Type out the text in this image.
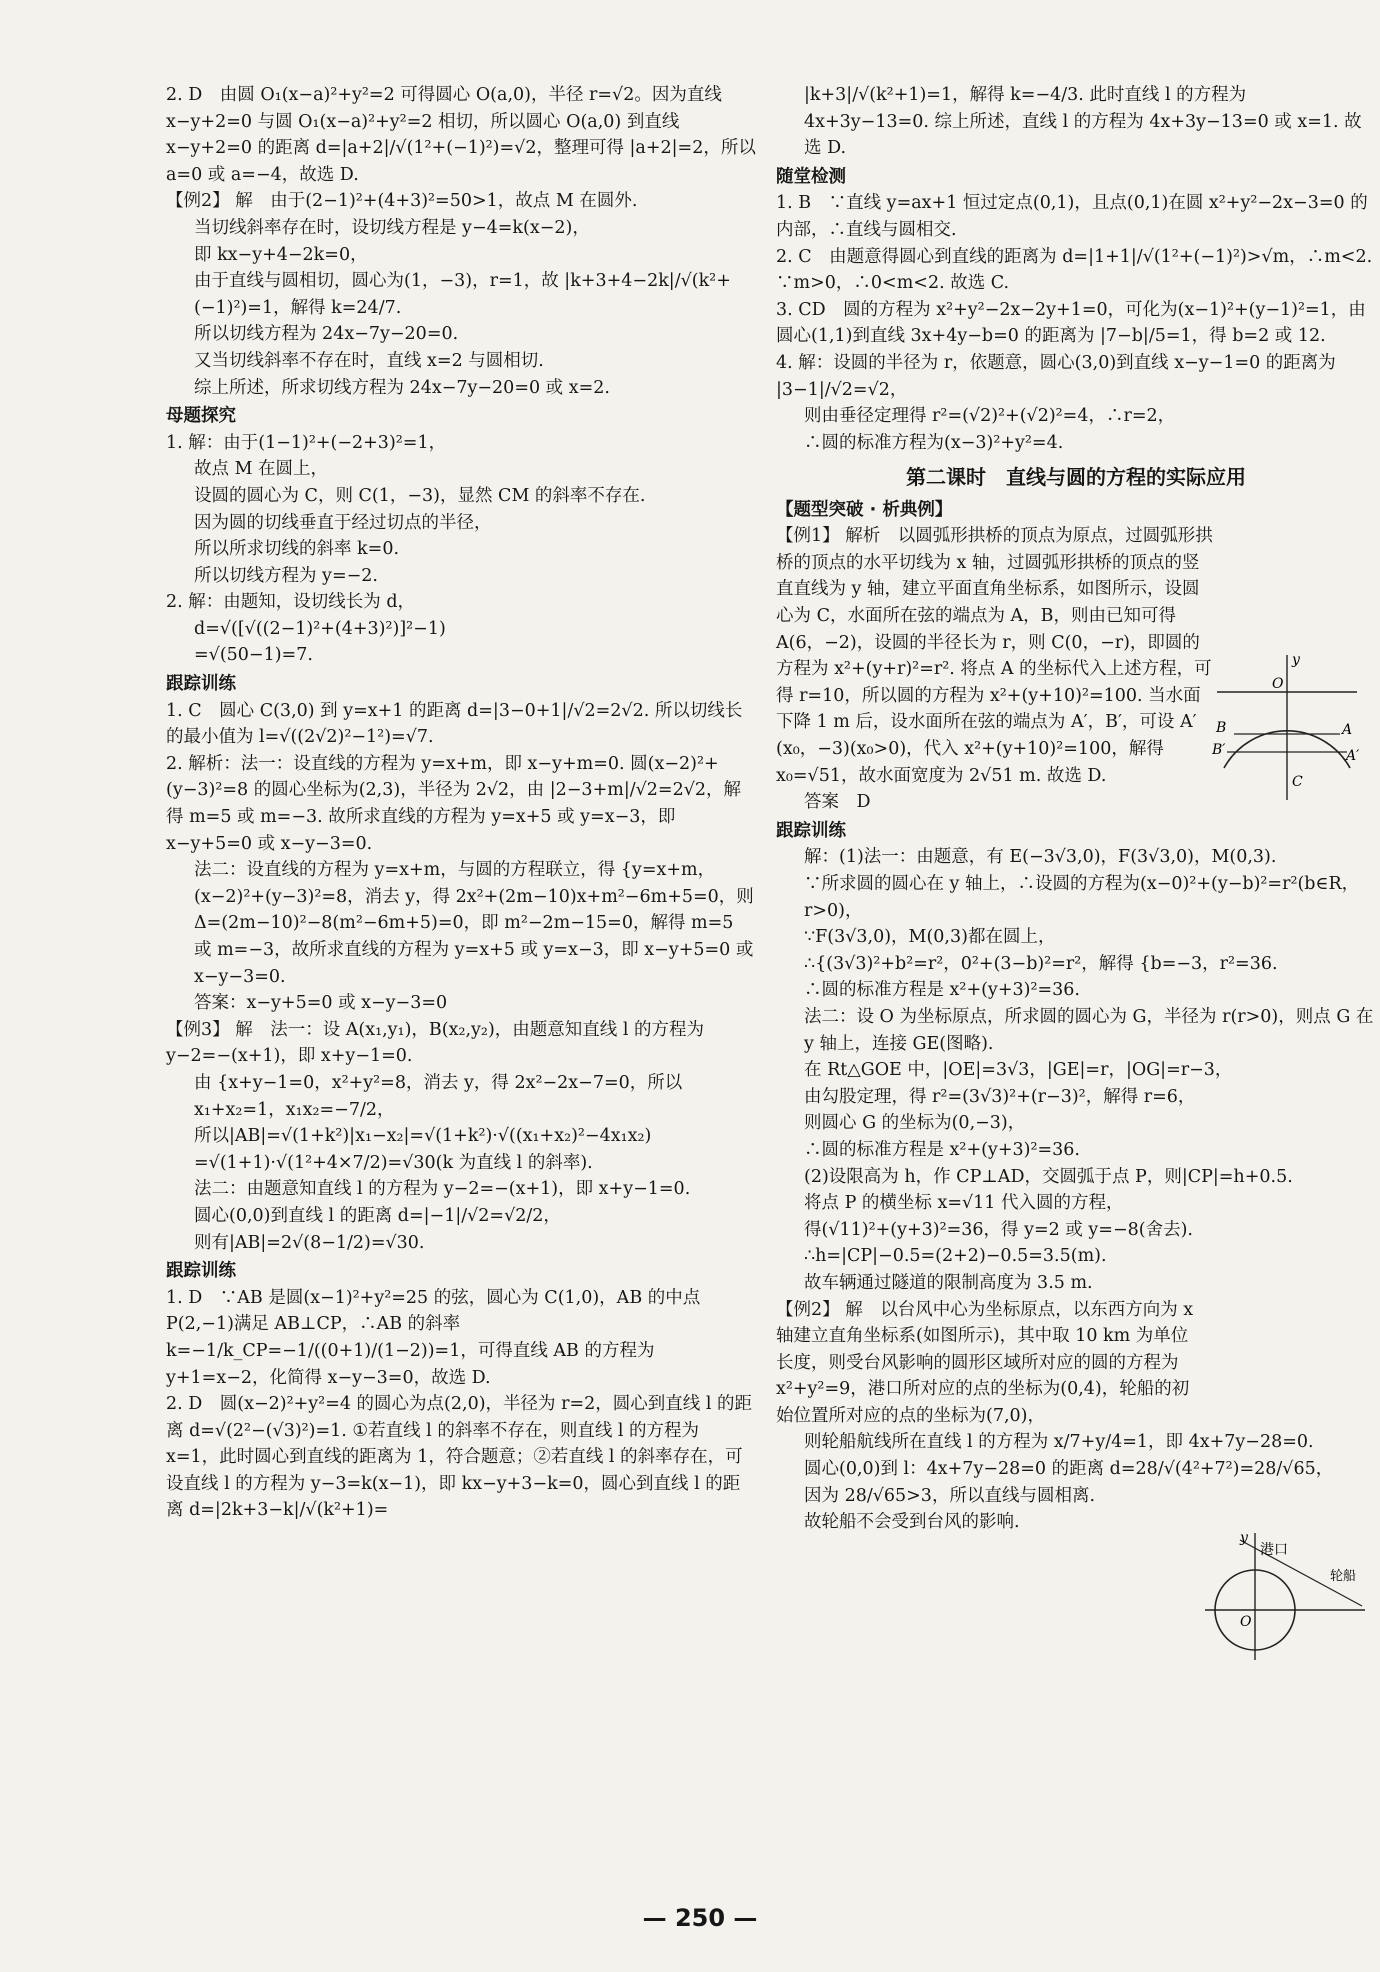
2. D　由圆 O₁(x−a)²+y²=2 可得圆心 O(a,0)，半径 r=√2。因为直线 x−y+2=0 与圆 O₁(x−a)²+y²=2 相切，所以圆心 O(a,0) 到直线 x−y+2=0 的距离 d=|a+2|/√(1²+(−1)²)=√2，整理可得 |a+2|=2，所以 a=0 或 a=−4，故选 D.

【例2】 解　由于(2−1)²+(4+3)²=50>1，故点 M 在圆外.

当切线斜率存在时，设切线方程是 y−4=k(x−2)，

即 kx−y+4−2k=0，

由于直线与圆相切，圆心为(1，−3)，r=1，故 |k+3+4−2k|/√(k²+(−1)²)=1，解得 k=24/7.

所以切线方程为 24x−7y−20=0.

又当切线斜率不存在时，直线 x=2 与圆相切.

综上所述，所求切线方程为 24x−7y−20=0 或 x=2.

母题探究

1. 解：由于(1−1)²+(−2+3)²=1，

故点 M 在圆上，

设圆的圆心为 C，则 C(1，−3)，显然 CM 的斜率不存在.

因为圆的切线垂直于经过切点的半径，

所以所求切线的斜率 k=0.

所以切线方程为 y=−2.

2. 解：由题知，设切线长为 d，

d=√([√((2−1)²+(4+3)²)]²−1)

=√(50−1)=7.

跟踪训练

1. C　圆心 C(3,0) 到 y=x+1 的距离 d=|3−0+1|/√2=2√2. 所以切线长的最小值为 l=√((2√2)²−1²)=√7.

2. 解析：法一：设直线的方程为 y=x+m，即 x−y+m=0. 圆(x−2)²+(y−3)²=8 的圆心坐标为(2,3)，半径为 2√2，由 |2−3+m|/√2=2√2，解得 m=5 或 m=−3. 故所求直线的方程为 y=x+5 或 y=x−3，即 x−y+5=0 或 x−y−3=0.

法二：设直线的方程为 y=x+m，与圆的方程联立，得 {y=x+m，(x−2)²+(y−3)²=8，消去 y，得 2x²+(2m−10)x+m²−6m+5=0，则 Δ=(2m−10)²−8(m²−6m+5)=0，即 m²−2m−15=0，解得 m=5 或 m=−3，故所求直线的方程为 y=x+5 或 y=x−3，即 x−y+5=0 或 x−y−3=0.

答案：x−y+5=0 或 x−y−3=0

【例3】 解　法一：设 A(x₁,y₁)，B(x₂,y₂)，由题意知直线 l 的方程为 y−2=−(x+1)，即 x+y−1=0.

由 {x+y−1=0，x²+y²=8，消去 y，得 2x²−2x−7=0，所以 x₁+x₂=1，x₁x₂=−7/2，

所以|AB|=√(1+k²)|x₁−x₂|=√(1+k²)·√((x₁+x₂)²−4x₁x₂)

=√(1+1)·√(1²+4×7/2)=√30(k 为直线 l 的斜率).

法二：由题意知直线 l 的方程为 y−2=−(x+1)，即 x+y−1=0.

圆心(0,0)到直线 l 的距离 d=|−1|/√2=√2/2，

则有|AB|=2√(8−1/2)=√30.

跟踪训练

1. D　∵AB 是圆(x−1)²+y²=25 的弦，圆心为 C(1,0)，AB 的中点 P(2,−1)满足 AB⊥CP，∴AB 的斜率 k=−1/k_CP=−1/((0+1)/(1−2))=1，可得直线 AB 的方程为 y+1=x−2，化简得 x−y−3=0，故选 D.

2. D　圆(x−2)²+y²=4 的圆心为点(2,0)，半径为 r=2，圆心到直线 l 的距离 d=√(2²−(√3)²)=1. ①若直线 l 的斜率不存在，则直线 l 的方程为 x=1，此时圆心到直线的距离为 1，符合题意；②若直线 l 的斜率存在，可设直线 l 的方程为 y−3=k(x−1)，即 kx−y+3−k=0，圆心到直线 l 的距离 d=|2k+3−k|/√(k²+1)=

|k+3|/√(k²+1)=1，解得 k=−4/3. 此时直线 l 的方程为 4x+3y−13=0. 综上所述，直线 l 的方程为 4x+3y−13=0 或 x=1. 故选 D.

随堂检测

1. B　∵直线 y=ax+1 恒过定点(0,1)，且点(0,1)在圆 x²+y²−2x−3=0 的内部，∴直线与圆相交.

2. C　由题意得圆心到直线的距离为 d=|1+1|/√(1²+(−1)²)>√m，∴m<2. ∵m>0，∴0<m<2. 故选 C.

3. CD　圆的方程为 x²+y²−2x−2y+1=0，可化为(x−1)²+(y−1)²=1，由圆心(1,1)到直线 3x+4y−b=0 的距离为 |7−b|/5=1，得 b=2 或 12.

4. 解：设圆的半径为 r，依题意，圆心(3,0)到直线 x−y−1=0 的距离为 |3−1|/√2=√2，

则由垂径定理得 r²=(√2)²+(√2)²=4，∴r=2，

∴圆的标准方程为(x−3)²+y²=4.

第二课时　直线与圆的方程的实际应用

【题型突破 · 析典例】

【例1】 解析　以圆弧形拱桥的顶点为原点，过圆弧形拱桥的顶点的水平切线为 x 轴，过圆弧形拱桥的顶点的竖直直线为 y 轴，建立平面直角坐标系，如图所示，设圆心为 C，水面所在弦的端点为 A，B，则由已知可得 A(6，−2)，设圆的半径长为 r，则 C(0，−r)，即圆的方程为 x²+(y+r)²=r². 将点 A 的坐标代入上述方程，可得 r=10，所以圆的方程为 x²+(y+10)²=100. 当水面下降 1 m 后，设水面所在弦的端点为 A′，B′，可设 A′(x₀，−3)(x₀>0)，代入 x²+(y+10)²=100，解得 x₀=√51，故水面宽度为 2√51 m. 故选 D.

答案　D

跟踪训练

解：(1)法一：由题意，有 E(−3√3,0)，F(3√3,0)，M(0,3).

∵所求圆的圆心在 y 轴上，∴设圆的方程为(x−0)²+(y−b)²=r²(b∈R，r>0)，

∵F(3√3,0)，M(0,3)都在圆上，

∴{(3√3)²+b²=r²，0²+(3−b)²=r²，解得 {b=−3，r²=36.

∴圆的标准方程是 x²+(y+3)²=36.

法二：设 O 为坐标原点，所求圆的圆心为 G，半径为 r(r>0)，则点 G 在 y 轴上，连接 GE(图略).

在 Rt△GOE 中，|OE|=3√3，|GE|=r，|OG|=r−3，

由勾股定理，得 r²=(3√3)²+(r−3)²，解得 r=6，

则圆心 G 的坐标为(0,−3)，

∴圆的标准方程是 x²+(y+3)²=36.

(2)设限高为 h，作 CP⊥AD，交圆弧于点 P，则|CP|=h+0.5.

将点 P 的横坐标 x=√11 代入圆的方程，

得(√11)²+(y+3)²=36，得 y=2 或 y=−8(舍去).

∴h=|CP|−0.5=(2+2)−0.5=3.5(m).

故车辆通过隧道的限制高度为 3.5 m.

【例2】 解　以台风中心为坐标原点，以东西方向为 x 轴建立直角坐标系(如图所示)，其中取 10 km 为单位长度，则受台风影响的圆形区域所对应的圆的方程为 x²+y²=9，港口所对应的点的坐标为(0,4)，轮船的初始位置所对应的点的坐标为(7,0)，

则轮船航线所在直线 l 的方程为 x/7+y/4=1，即 4x+7y−28=0.

圆心(0,0)到 l：4x+7y−28=0 的距离 d=28/√(4²+7²)=28/√65，

因为 28/√65>3，所以直线与圆相离.

故轮船不会受到台风的影响.

y
O
B	A
B′	A′
C
y
港口
轮船
O
— 250 —
